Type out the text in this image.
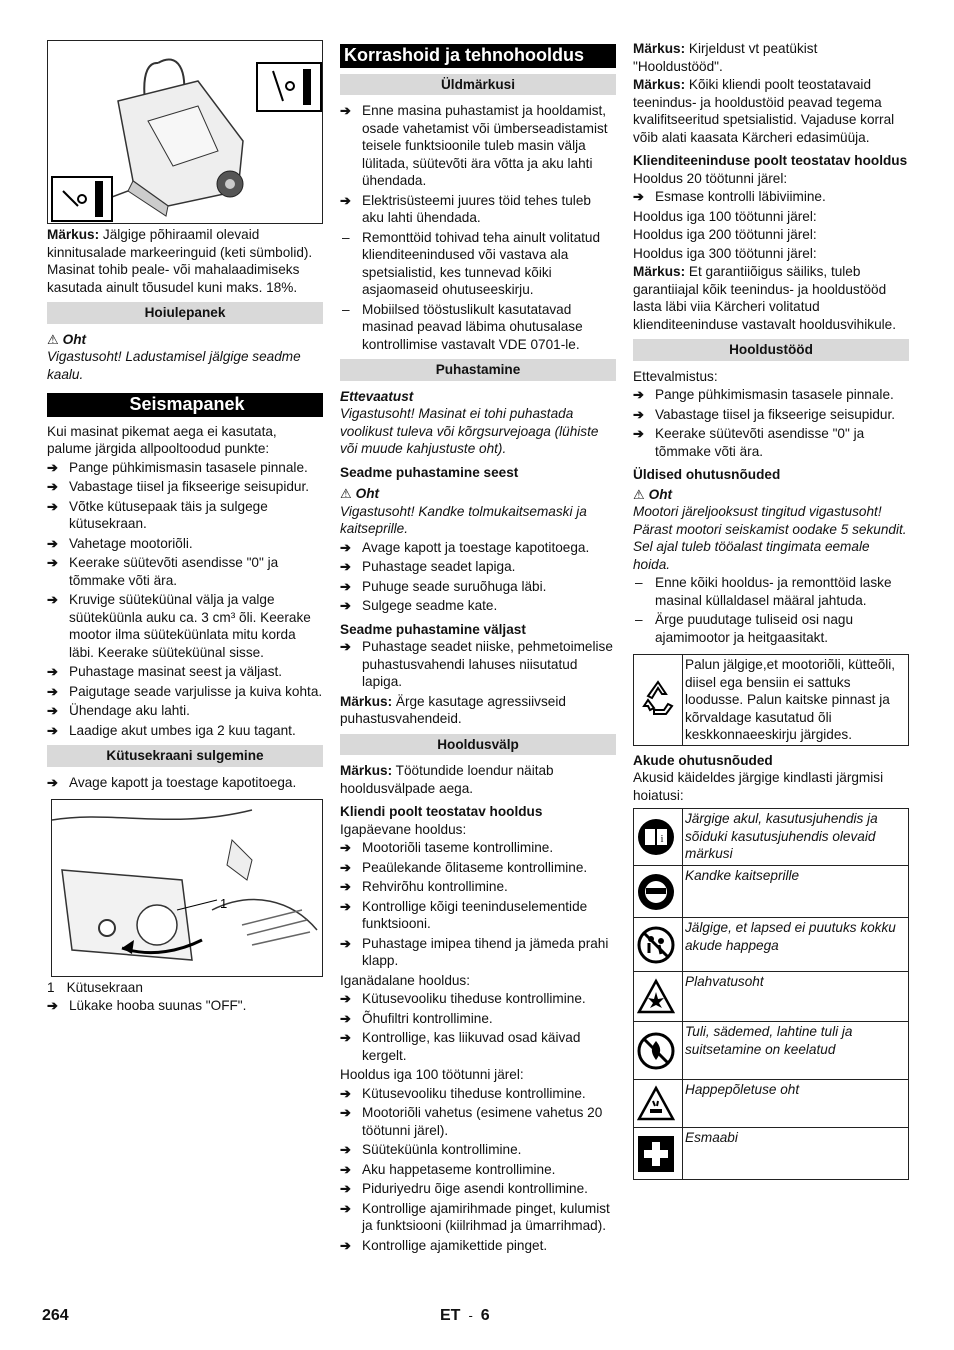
Märkus: Jälgige põhiraamil olevaid kinnitusalade markeeringuid (keti sümbolid). Masinat tohib peale- või mahalaadimiseks kasutada ainult tõusudel kuni maks. 18%.

Hoiulepanek
⚠ Oht

Vigastusoht! Ladustamisel jälgige seadme kaalu.

Seismapanek

Kui masinat pikemat aega ei kasutata, palume järgida allpooltoodud punkte:

➔ Pange pühkimismasin tasasele pinnale.
➔ Vabastage tiisel ja fikseerige seisupidur.
➔ Võtke kütusepaak täis ja sulgege kütusekraan.
➔ Vahetage mootoriõli.
➔ Keerake süütevõti asendisse "0" ja tõmmake võti ära.
➔ Kruvige süüteküünal välja ja valge süüteküünla auku ca. 3 cm³ õli. Keerake mootor ilma süüteküünlata mitu korda läbi. Keerake süüteküünal sisse.
➔ Puhastage masinat seest ja väljast.
➔ Paigutage seade varjulisse ja kuiva kohta.
➔ Ühendage aku lahti.
➔ Laadige akut umbes iga 2 kuu tagant.
Kütusekraani sulgemine
➔ Avage kapott ja toestage kapotitoega.
1
1 Kütusekraan
➔ Lükake hooba suunas "OFF".
Korrashoid ja tehnohooldus
Üldmärkusi
➔ Enne masina puhastamist ja hooldamist, osade vahetamist või ümberseadistamist teisele funktsioonile tuleb masin välja lülitada, süütevõti ära võtta ja aku lahti ühendada.
➔ Elektrisüsteemi juures töid tehes tuleb aku lahti ühendada.
– Remonttöid tohivad teha ainult volitatud klienditeenindused või vastava ala spetsialistid, kes tunnevad kõiki asjaomaseid ohutuseeskirju.
– Mobiilsed tööstuslikult kasutatavad masinad peavad läbima ohutusalase kontrollimise vastavalt VDE 0701-le.
Puhastamine
Ettevaatust

Vigastusoht! Masinat ei tohi puhastada voolikust tuleva või kõrgsurvejoaga (lühiste või muude kahjustuste oht).

Seadme puhastamine seest
⚠ Oht

Vigastusoht! Kandke tolmukaitsemaski ja kaitseprille.

➔ Avage kapott ja toestage kapotitoega.
➔ Puhastage seadet lapiga.
➔ Puhuge seade suruõhuga läbi.
➔ Sulgege seadme kate.
Seadme puhastamine väljast
➔ Puhastage seadet niiske, pehmetoimelise puhastusvahendi lahuses niisutatud lapiga.

Märkus: Ärge kasutage agressiivseid puhastusvahendeid.

Hooldusvälp

Märkus: Töötundide loendur näitab hooldusvälpade aega.

Kliendi poolt teostatav hooldus

Igapäevane hooldus:

➔ Mootoriõli taseme kontrollimine.
➔ Peaülekande õlitaseme kontrollimine.
➔ Rehvirõhu kontrollimine.
➔ Kontrollige kõigi teeninduselementide funktsiooni.
➔ Puhastage imipea tihend ja jämeda prahi klapp.

Iganädalane hooldus:

➔ Kütusevooliku tiheduse kontrollimine.
➔ Õhufiltri kontrollimine.
➔ Kontrollige, kas liikuvad osad käivad kergelt.

Hooldus iga 100 töötunni järel:

➔ Kütusevooliku tiheduse kontrollimine.
➔ Mootoriõli vahetus (esimene vahetus 20 töötunni järel).
➔ Süüteküünla kontrollimine.
➔ Aku happetaseme kontrollimine.
➔ Piduriyedru õige asendi kontrollimine.
➔ Kontrollige ajamirihmade pinget, kulumist ja funktsiooni (kiilrihmad ja ümarrihmad).
➔ Kontrollige ajamikettide pinget.

Märkus: Kirjeldust vt peatükist "Hooldustööd".

Märkus: Kõiki kliendi poolt teostatavaid teenindus- ja hooldustöid peavad tegema kvalifitseeritud spetsialistid. Vajaduse korral võib alati kaasata Kärcheri edasimüüja.

Klienditeeninduse poolt teostatav hooldus

Hooldus 20 töötunni järel:

➔ Esmase kontrolli läbiviimine.

Hooldus iga 100 töötunni järel:

Hooldus iga 200 töötunni järel:

Hooldus iga 300 töötunni järel:

Märkus: Et garantiiõigus säiliks, tuleb garantiiajal kõik teenindus- ja hooldustööd lasta läbi viia Kärcheri volitatud klienditeeninduse vastavalt hooldusvihikule.

Hooldustööd

Ettevalmistus:

➔ Pange pühkimismasin tasasele pinnale.
➔ Vabastage tiisel ja fikseerige seisupidur.
➔ Keerake süütevõti asendisse "0" ja tõmmake võti ära.
Üldised ohutusnõuded
⚠ Oht

Mootori järeljooksust tingitud vigastusoht! Pärast mootori seiskamist oodake 5 sekundit. Sel ajal tuleb tööalast tingimata eemale hoida.

– Enne kõiki hooldus- ja remonttöid laske masinal küllaldasel määral jahtuda.
– Ärge puudutage tuliseid osi nagu ajamimootor ja heitgaasitakt.
	Palun jälgige,et mootoriõli, kütteõli, diisel ega bensiin ei sattuks loodusse. Palun kaitske pinnast ja kõrvaldage kasutatud õli keskkonnaeeskirju järgides.
Akude ohutusnõuded

Akusid käideldes järgige kindlasti järgmisi hoiatusi:

i	Järgige akul, kasutusjuhendis ja sõiduki kasutusjuhendis olevaid märkusi

	Kandke kaitseprille

	Jälgige, et lapsed ei puutuks kokku akude happega

	Plahvatusoht

	Tuli, sädemed, lahtine tuli ja suitsetamine on keelatud

	Happepõletuse oht

	Esmaabi
264	ET - 6
